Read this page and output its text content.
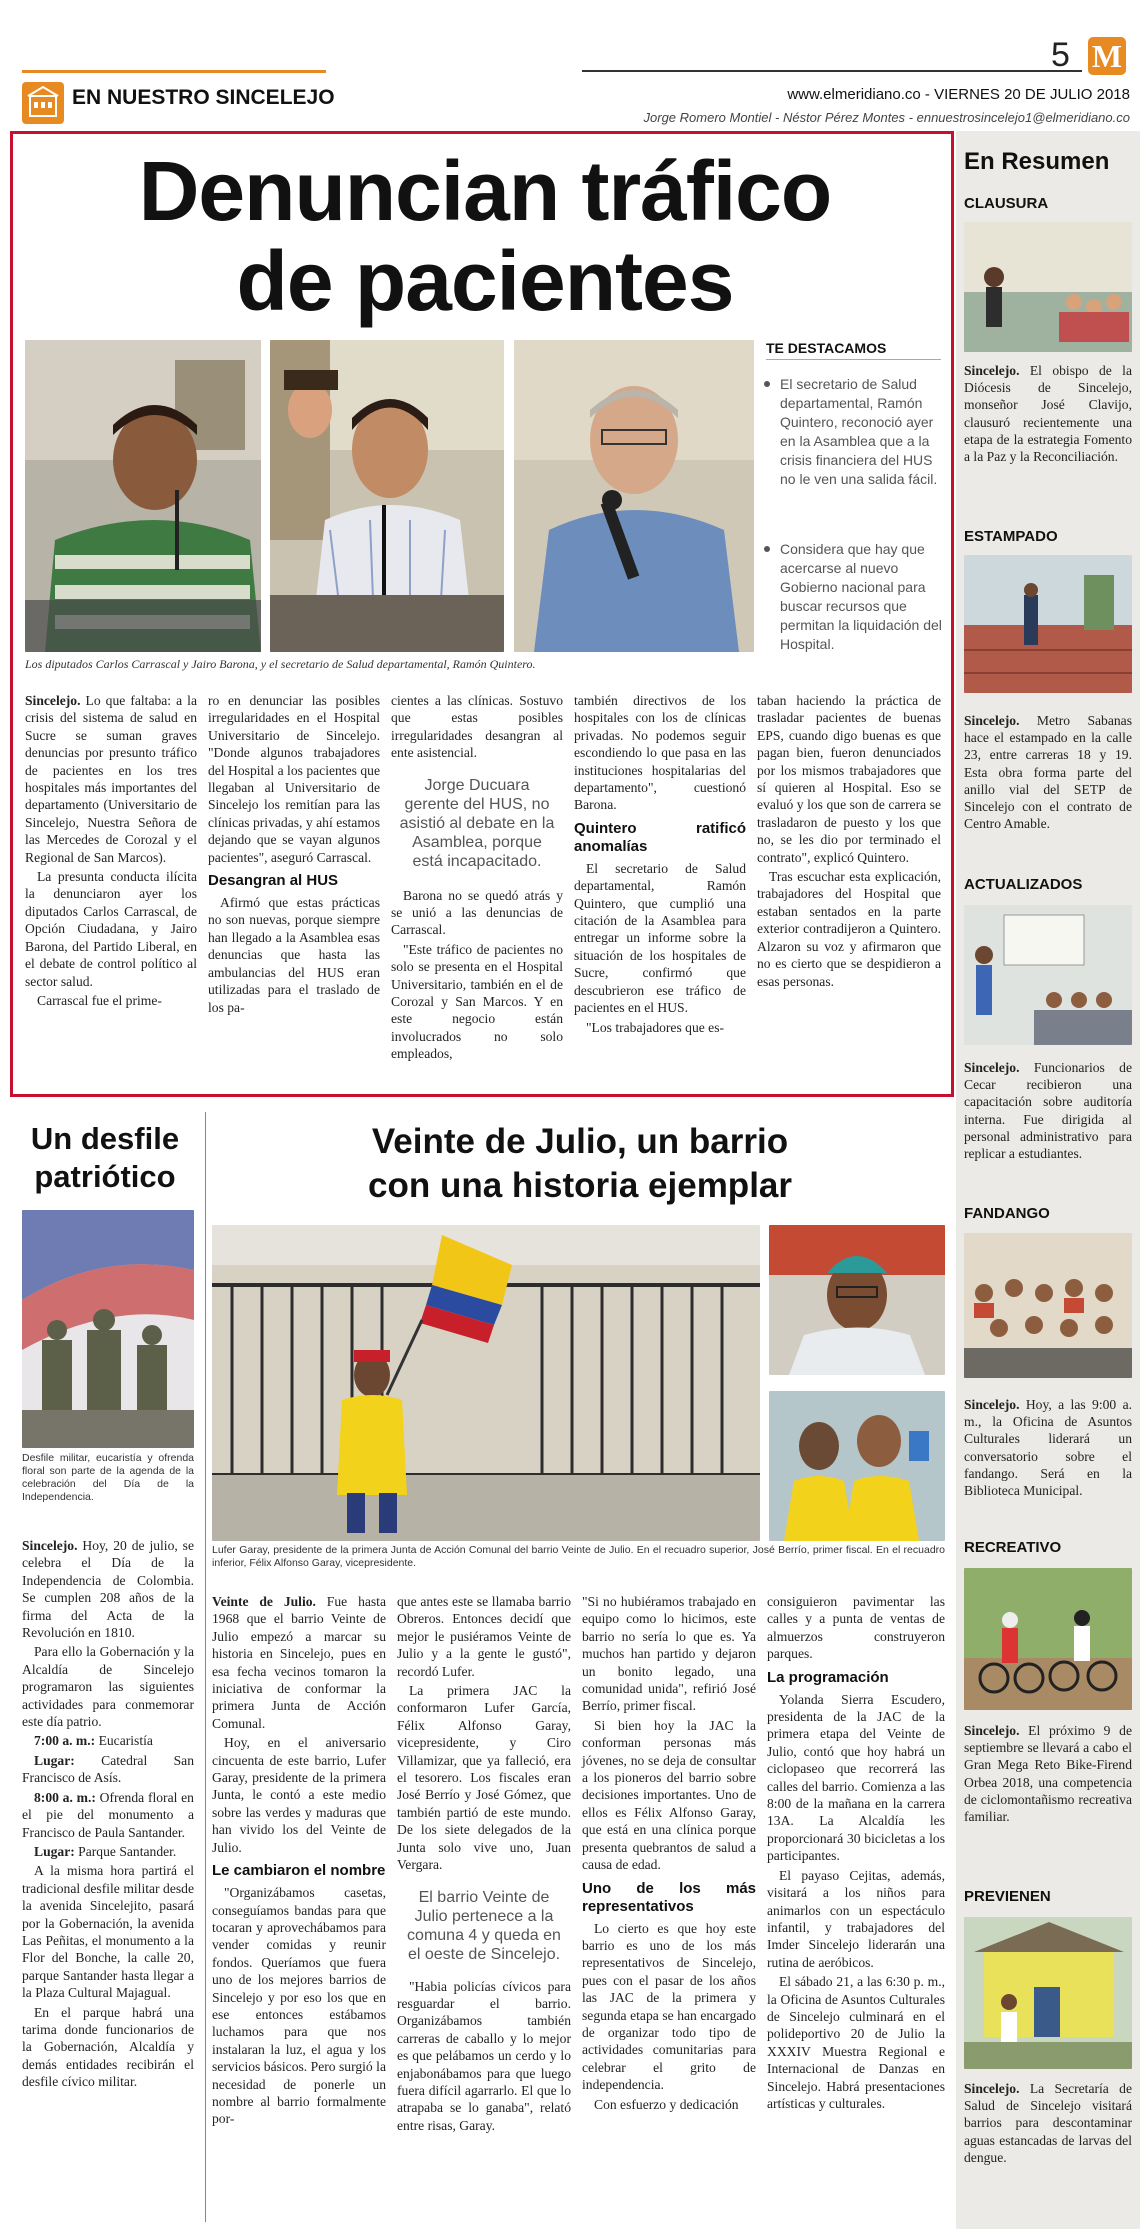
EN NUESTRO SINCELEJO
5 M
www.elmeridiano.co - VIERNES 20 DE JULIO 2018
Jorge Romero Montiel - Néstor Pérez Montes - ennuestrosincelejo1@elmeridiano.co
Denuncian tráfico
de pacientes
Los diputados Carlos Carrascal y Jairo Barona, y el secretario de Salud departamental, Ramón Quintero.
TE DESTACAMOS
El secretario de Salud departamental, Ramón Quintero, reconoció ayer en la Asamblea que a la crisis financiera del HUS no le ven una salida fácil.
Considera que hay que acercarse al nuevo Gobierno nacional para buscar recursos que permitan la liquidación del Hospital.

Sincelejo. Lo que faltaba: a la crisis del sistema de salud en Sucre se suman graves denuncias por presunto tráfico de pacientes en los tres hospitales más importantes del departamento (Universitario de Sincelejo, Nuestra Señora de las Mercedes de Corozal y el Regional de San Marcos).

La presunta conducta ilícita la denunciaron ayer los diputados Carlos Carrascal, de Opción Ciudadana, y Jairo Barona, del Partido Liberal, en el debate de control político al sector salud.

Carrascal fue el prime-

ro en denunciar las posibles irregularidades en el Hospital Universitario de Sincelejo. "Donde algunos trabajadores del Hospital a los pacientes que llegaban al Universitario de Sincelejo los remitían para las clínicas privadas, y ahí estamos dejando que se vayan algunos pacientes", aseguró Carrascal.

Desangran al HUS

Afirmó que estas prácticas no son nuevas, porque siempre han llegado a la Asamblea esas denuncias que hasta las ambulancias del HUS eran utilizadas para el traslado de los pa-

cientes a las clínicas. Sostuvo que estas posibles irregularidades desangran al ente asistencial.

Jorge Ducuara gerente del HUS, no asistió al debate en la Asamblea, porque está incapacitado.

Barona no se quedó atrás y se unió a las denuncias de Carrascal.

"Este tráfico de pacientes no solo se presenta en el Hospital Universitario, también en el de Corozal y San Marcos. Y en este negocio están involucrados no solo empleados,

también directivos de los hospitales con los de clínicas privadas. No podemos seguir escondiendo lo que pasa en las instituciones hospitalarias del departamento", cuestionó Barona.

Quintero ratificó anomalías

El secretario de Salud departamental, Ramón Quintero, que cumplió una citación de la Asamblea para entregar un informe sobre la situación de los hospitales de Sucre, confirmó que descubrieron ese tráfico de pacientes en el HUS.

"Los trabajadores que es-

taban haciendo la práctica de trasladar pacientes de buenas EPS, cuando digo buenas es que pagan bien, fueron denunciados por los mismos trabajadores que sí quieren al Hospital. Eso se evaluó y los que son de carrera se trasladaron de puesto y los que no, se les dio por terminado el contrato", explicó Quintero.

Tras escuchar esta explicación, trabajadores del Hospital que estaban sentados en la parte exterior contradijeron a Quintero. Alzaron su voz y afirmaron que no es cierto que se despidieron a esas personas.

Un desfile patriótico
Desfile militar, eucaristía y ofrenda floral son parte de la agenda de la celebración del Día de la Independencia.

Sincelejo. Hoy, 20 de julio, se celebra el Día de la Independencia de Colombia. Se cumplen 208 años de la firma del Acta de la Revolución en 1810.

Para ello la Gobernación y la Alcaldía de Sincelejo programaron las siguientes actividades para conmemorar este día patrio.

7:00 a. m.: Eucaristía

Lugar: Catedral San Francisco de Asís.

8:00 a. m.: Ofrenda floral en el pie del monumento a Francisco de Paula Santander.

Lugar: Parque Santander.

A la misma hora partirá el tradicional desfile militar desde la avenida Sincelejito, pasará por la Gobernación, la avenida Las Peñitas, el monumento a la Flor del Bonche, la calle 20, parque Santander hasta llegar a la Plaza Cultural Majagual.

En el parque habrá una tarima donde funcionarios de la Gobernación, Alcaldía y demás entidades recibirán el desfile cívico militar.

Veinte de Julio, un barrio
con una historia ejemplar
Lufer Garay, presidente de la primera Junta de Acción Comunal del barrio Veinte de Julio. En el recuadro superior, José Berrío, primer fiscal. En el recuadro inferior, Félix Alfonso Garay, vicepresidente.

Veinte de Julio. Fue hasta 1968 que el barrio Veinte de Julio empezó a marcar su historia en Sincelejo, pues en esa fecha vecinos tomaron la iniciativa de conformar la primera Junta de Acción Comunal.

Hoy, en el aniversario cincuenta de este barrio, Lufer Garay, presidente de la primera Junta, le contó a este medio sobre las verdes y maduras que han vivido los del Veinte de Julio.

Le cambiaron el nombre

"Organizábamos casetas, conseguíamos bandas para que tocaran y aprovechábamos para vender comidas y reunir fondos. Queríamos que fuera uno de los mejores barrios de Sincelejo y por eso los que en ese entonces estábamos luchamos para que nos instalaran la luz, el agua y los servicios básicos. Pero surgió la necesidad de ponerle un nombre al barrio formalmente por-

que antes este se llamaba barrio Obreros. Entonces decidí que mejor le pusiéramos Veinte de Julio y a la gente le gustó", recordó Lufer.

La primera JAC la conformaron Lufer García, Félix Alfonso Garay, vicepresidente, y Ciro Villamizar, que ya falleció, era el tesorero. Los fiscales eran José Berrío y José Gómez, que también partió de este mundo. De los siete delegados de la Junta solo vive uno, Juan Vergara.

El barrio Veinte de Julio pertenece a la comuna 4 y queda en el oeste de Sincelejo.

"Habia policías cívicos para resguardar el barrio. Organizábamos también carreras de caballo y lo mejor es que pelábamos un cerdo y lo enjabonábamos para que luego fuera difícil agarrarlo. El que lo atrapaba se lo ganaba", relató entre risas, Garay.

"Si no hubiéramos trabajado en equipo como lo hicimos, este barrio no sería lo que es. Ya muchos han partido y dejaron un bonito legado, una comunidad unida", refirió José Berrío, primer fiscal.

Si bien hoy la JAC la conforman personas más jóvenes, no se deja de consultar a los pioneros del barrio sobre decisiones importantes. Uno de ellos es Félix Alfonso Garay, que está en una clínica porque presenta quebrantos de salud a causa de edad.

Uno de los más representativos

Lo cierto es que hoy este barrio es uno de los más representativos de Sincelejo, pues con el pasar de los años las JAC de la primera y segunda etapa se han encargado de organizar todo tipo de actividades comunitarias para celebrar el grito de independencia.

Con esfuerzo y dedicación

consiguieron pavimentar las calles y a punta de ventas de almuerzos construyeron parques.

La programación

Yolanda Sierra Escudero, presidenta de la JAC de la primera etapa del Veinte de Julio, contó que hoy habrá un ciclopaseo que recorrerá las calles del barrio. Comienza a las 8:00 de la mañana en la carrera 13A. La Alcaldía les proporcionará 30 bicicletas a los participantes.

El payaso Cejitas, además, visitará a los niños para animarlos con un espectáculo infantil, y trabajadores del Imder Sincelejo liderarán una rutina de aeróbicos.

El sábado 21, a las 6:30 p. m., la Oficina de Asuntos Culturales de Sincelejo culminará en el polideportivo 20 de Julio la XXXIV Muestra Regional e Internacional de Danzas en Sincelejo. Habrá presentaciones artísticas y culturales.

En Resumen
CLAUSURA
Sincelejo. El obispo de la Diócesis de Sincelejo, monseñor José Clavijo, clausuró recientemente una etapa de la estrategia Fomento a la Paz y la Reconciliación.
ESTAMPADO
Sincelejo. Metro Sabanas hace el estampado en la calle 23, entre carreras 18 y 19. Esta obra forma parte del anillo vial del SETP de Sincelejo con el contrato de Centro Amable.
ACTUALIZADOS
Sincelejo. Funcionarios de Cecar recibieron una capacitación sobre auditoría interna. Fue dirigida al personal administrativo para replicar a estudiantes.
FANDANGO
Sincelejo. Hoy, a las 9:00 a. m., la Oficina de Asuntos Culturales liderará un conversatorio sobre el fandango. Será en la Biblioteca Municipal.
RECREATIVO
Sincelejo. El próximo 9 de septiembre se llevará a cabo el Gran Mega Reto Bike-Firend Orbea 2018, una competencia de ciclomontañismo recreativa familiar.
PREVIENEN
Sincelejo. La Secretaría de Salud de Sincelejo visitará barrios para descontaminar aguas estancadas de larvas del dengue.
